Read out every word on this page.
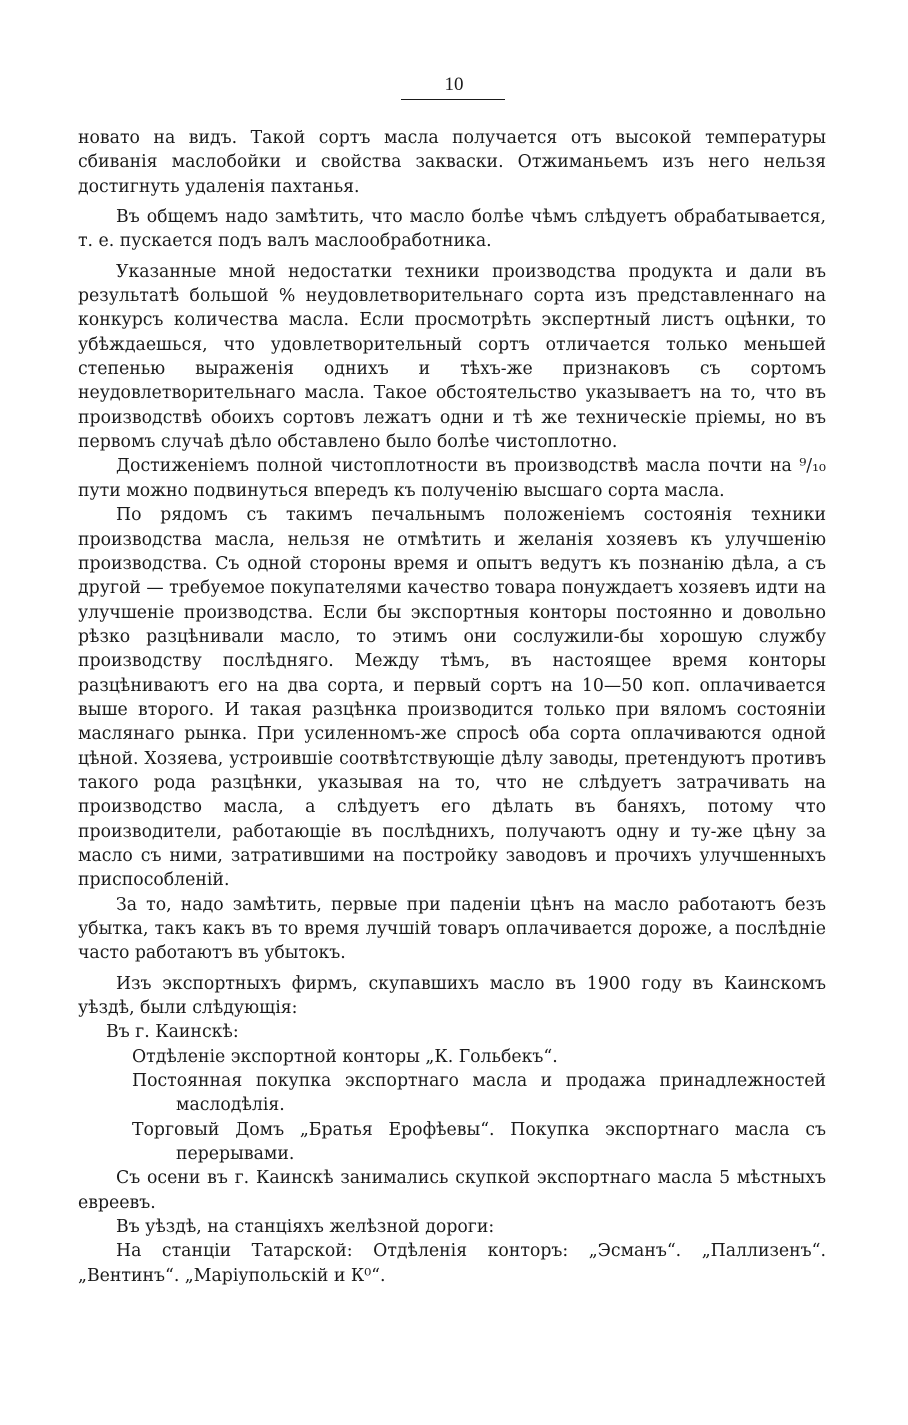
10

новато на видъ. Такой сортъ масла получается отъ высокой температуры сбиванія маслобойки и свойства закваски. Отжиманьемъ изъ него нельзя достигнуть удаленія пахтанья.

Въ общемъ надо замѣтить, что масло болѣе чѣмъ слѣдуетъ обрабатывается, т. е. пускается подъ валъ маслообработника.

Указанные мной недостатки техники производства продукта и дали въ результатѣ большой % неудовлетворительнаго сорта изъ представленнаго на конкурсъ количества масла. Если просмотрѣть экспертный листъ оцѣнки, то убѣждаешься, что удовлетворительный сортъ отличается только меньшей степенью выраженія однихъ и тѣхъ-же признаковъ съ сортомъ неудовлетворительнаго масла. Такое обстоятельство указываетъ на то, что въ производствѣ обоихъ сортовъ лежатъ одни и тѣ же техническіе пріемы, но въ первомъ случаѣ дѣло обставлено было болѣе чистоплотно.

Достиженіемъ полной чистоплотности въ производствѣ масла почти на ⁹/₁₀ пути можно подвинуться впередъ къ полученію высшаго сорта масла.

По рядомъ съ такимъ печальнымъ положеніемъ состоянія техники производства масла, нельзя не отмѣтить и желанія хозяевъ къ улучшенію производства. Съ одной стороны время и опытъ ведутъ къ познанію дѣла, а съ другой — требуемое покупателями качество товара понуждаетъ хозяевъ идти на улучшеніе производства. Если бы экспортныя конторы постоянно и довольно рѣзко разцѣнивали масло, то этимъ они сослужили-бы хорошую службу производству послѣдняго. Между тѣмъ, въ настоящее время конторы разцѣниваютъ его на два сорта, и первый сортъ на 10—50 коп. оплачивается выше второго. И такая разцѣнка производится только при вяломъ состояніи маслянаго рынка. При усиленномъ-же спросѣ оба сорта оплачиваются одной цѣной. Хозяева, устроившіе соотвѣтствующіе дѣлу заводы, претендуютъ противъ такого рода разцѣнки, указывая на то, что не слѣдуетъ затрачивать на производство масла, а слѣдуетъ его дѣлать въ баняхъ, потому что производители, работающіе въ послѣднихъ, получаютъ одну и ту-же цѣну за масло съ ними, затратившими на постройку заводовъ и прочихъ улучшенныхъ приспособленій.

За то, надо замѣтить, первые при паденіи цѣнъ на масло работаютъ безъ убытка, такъ какъ въ то время лучшій товаръ оплачивается дороже, а послѣдніе часто работаютъ въ убытокъ.

Изъ экспортныхъ фирмъ, скупавшихъ масло въ 1900 году въ Каинскомъ уѣздѣ, были слѣдующія:

Въ г. Каинскѣ:

Отдѣленіе экспортной конторы „К. Гольбекъ“.

Постоянная покупка экспортнаго масла и продажа принадлежностей маслодѣлія.

Торговый Домъ „Братья Ерофѣевы“. Покупка экспортнаго масла съ перерывами.

Съ осени въ г. Каинскѣ занимались скупкой экспортнаго масла 5 мѣстныхъ евреевъ.

Въ уѣздѣ, на станціяхъ желѣзной дороги:

На станціи Татарской: Отдѣленія конторъ: „Эсманъ“. „Паллизенъ“. „Вентинъ“. „Маріупольскій и К⁰“.
